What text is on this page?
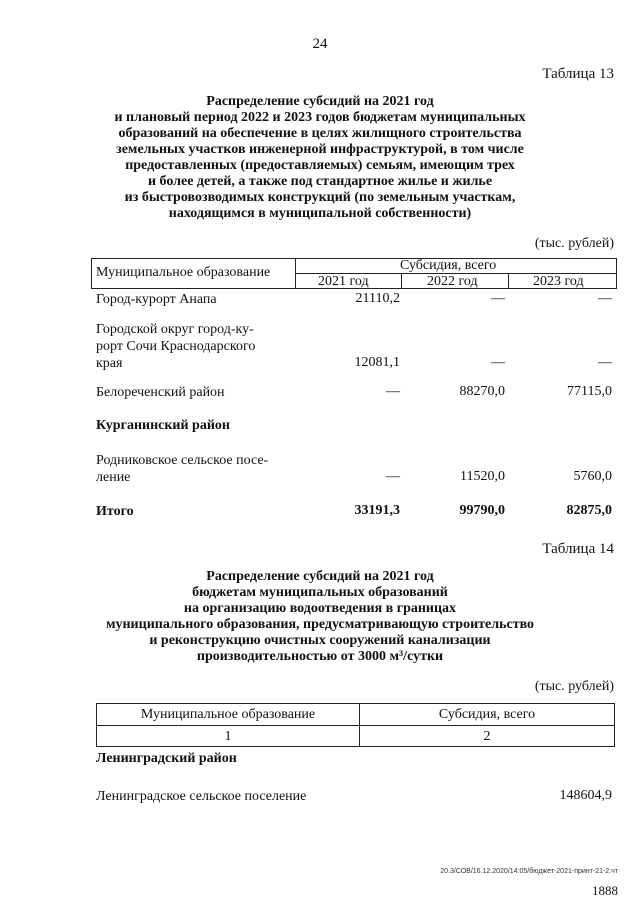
24
Таблица 13
Распределение субсидий на 2021 год
и плановый период 2022 и 2023 годов бюджетам муниципальных
образований на обеспечение в целях жилищного строительства
земельных участков инженерной инфраструктурой, в том числе
предоставленных (предоставляемых) семьям, имеющим трех
и более детей, а также под стандартное жилье и жилье
из быстровозводимых конструкций (по земельным участкам,
находящимся в муниципальной собственности)
(тыс. рублей)
Муниципальное образование	Субсидия, всего
2021 год	2022 год	2023 год
Город-курорт Анапа	21110,2	—	—
Городской округ город-ку-
рорт Сочи Краснодарского
края	12081,1	—	—
Белореченский район	—	88270,0	77115,0
Курганинский район
Родниковское сельское посе-
ление	—	11520,0	5760,0
Итого	33191,3	99790,0	82875,0
Таблица 14
Распределение субсидий на 2021 год
бюджетам муниципальных образований
на организацию водоотведения в границах
муниципального образования, предусматривающую строительство
и реконструкцию очистных сооружений канализации
производительностью от 3000 м³/сутки
(тыс. рублей)
Муниципальное образование	Субсидия, всего
1	2
Ленинградский район
Ленинградское сельское поселение	148604,9
20.3/СОВ/16.12.2020/14:05/бюджет-2021-принт-21-2.чт
1888
